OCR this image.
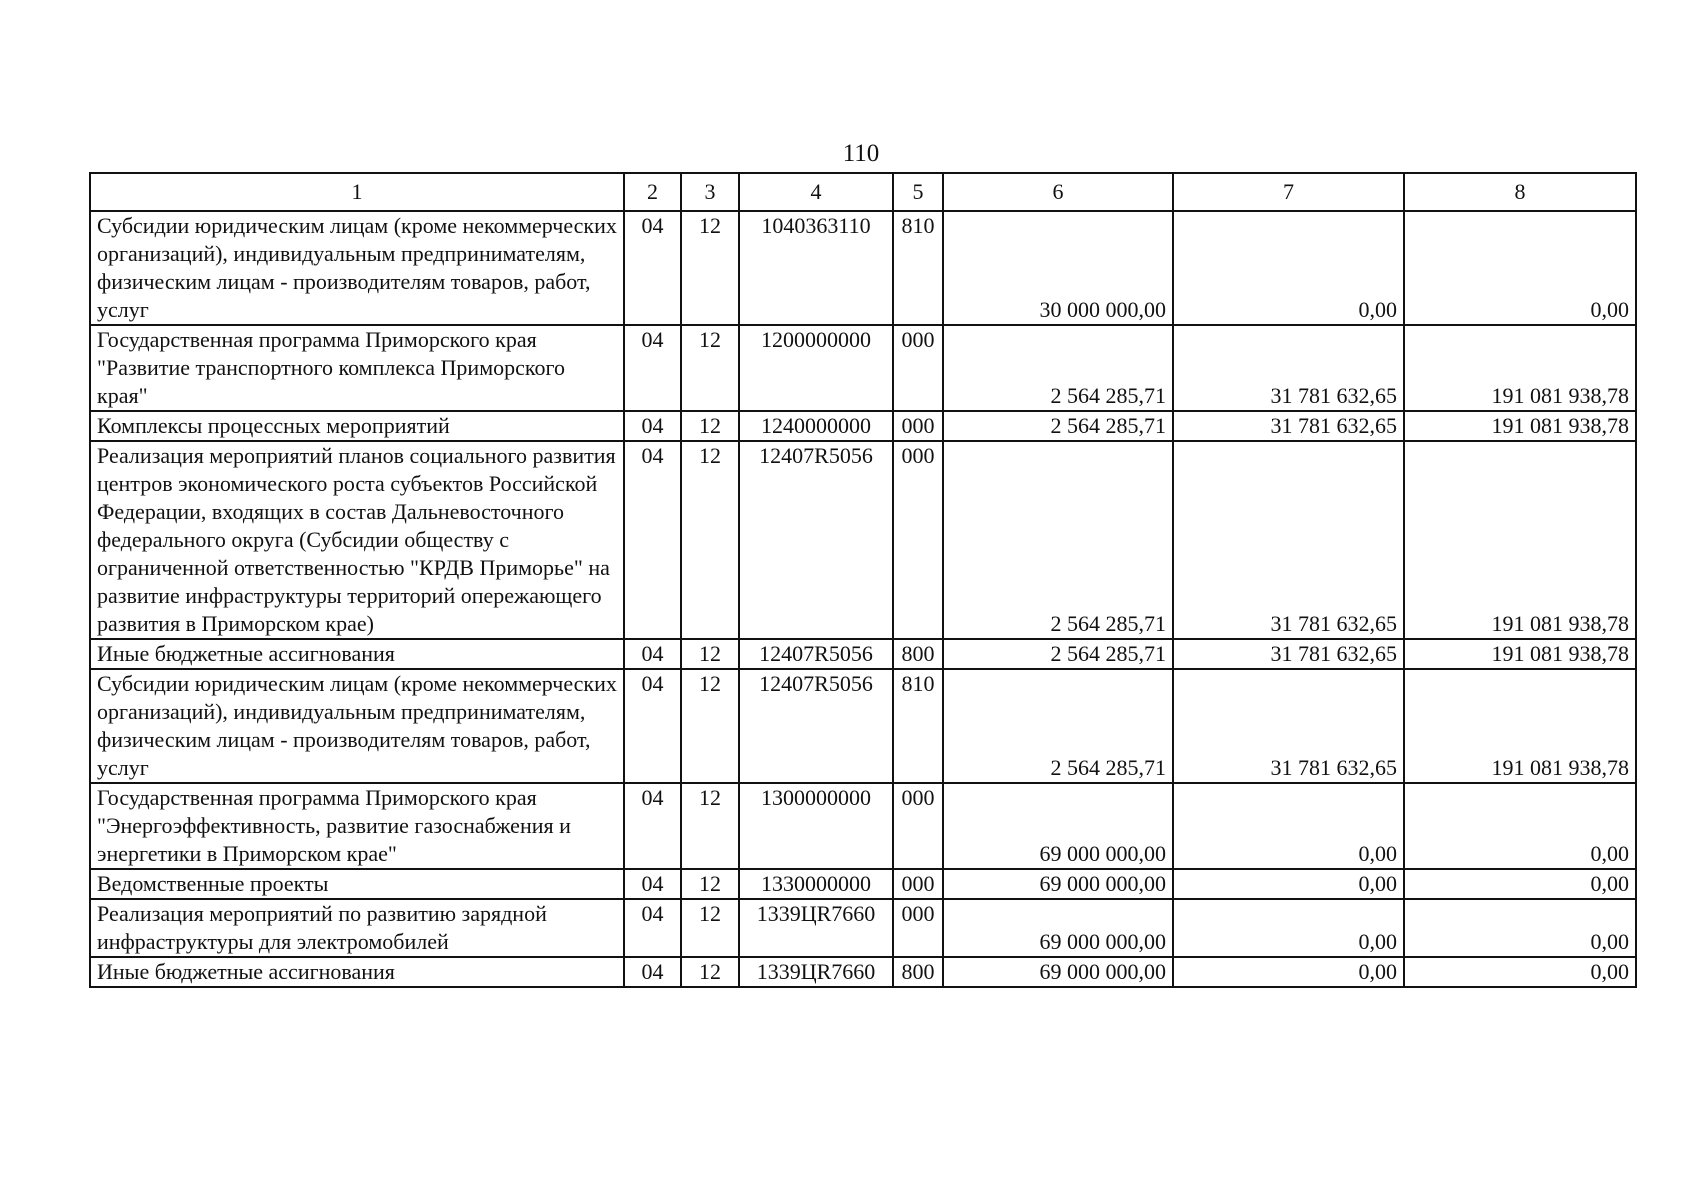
110
1	2	3	4	5	6	7	8
Субсидии юридическим лицам (кроме некоммерческих организаций), индивидуальным предпринимателям, физическим лицам - производителям товаров, работ, услуг	04	12	1040363110	810	30 000 000,00	0,00	0,00
Государственная программа Приморского края "Развитие транспортного комплекса Приморского края"	04	12	1200000000	000	2 564 285,71	31 781 632,65	191 081 938,78
Комплексы процессных мероприятий	04	12	1240000000	000	2 564 285,71	31 781 632,65	191 081 938,78
Реализация мероприятий планов социального развития центров экономического роста субъектов Российской Федерации, входящих в состав Дальневосточного федерального округа (Субсидии обществу с ограниченной ответственностью "КРДВ Приморье" на развитие инфраструктуры территорий опережающего развития в Приморском крае)	04	12	12407R5056	000	2 564 285,71	31 781 632,65	191 081 938,78
Иные бюджетные ассигнования	04	12	12407R5056	800	2 564 285,71	31 781 632,65	191 081 938,78
Субсидии юридическим лицам (кроме некоммерческих организаций), индивидуальным предпринимателям, физическим лицам - производителям товаров, работ, услуг	04	12	12407R5056	810	2 564 285,71	31 781 632,65	191 081 938,78
Государственная программа Приморского края "Энергоэффективность, развитие газоснабжения и энергетики в Приморском крае"	04	12	1300000000	000	69 000 000,00	0,00	0,00
Ведомственные проекты	04	12	1330000000	000	69 000 000,00	0,00	0,00
Реализация мероприятий по развитию зарядной инфраструктуры для электромобилей	04	12	1339ЦR7660	000	69 000 000,00	0,00	0,00
Иные бюджетные ассигнования	04	12	1339ЦR7660	800	69 000 000,00	0,00	0,00
